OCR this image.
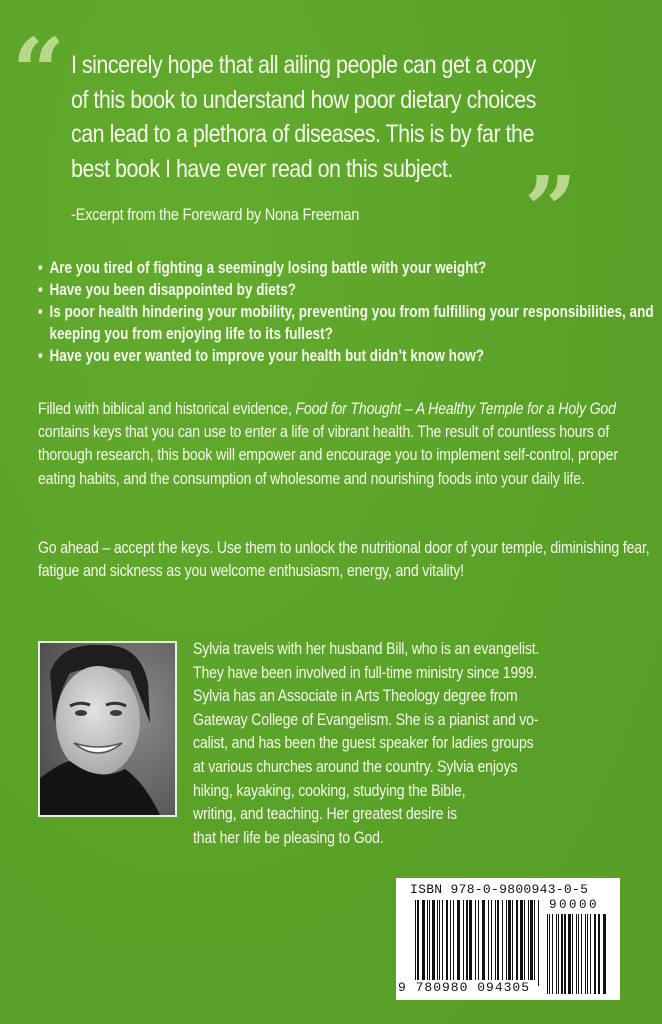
“ I sincerely hope that all ailing people can get a copy
of this book to understand how poor dietary choices
can lead to a plethora of diseases. This is by far the
best book I have ever read on this subject. ”
-Excerpt from the Foreward by Nona Freeman
• Are you tired of fighting a seemingly losing battle with your weight?
• Have you been disappointed by diets?
• Is poor health hindering your mobility, preventing you from fulfilling your responsibilities, and keeping you from enjoying life to its fullest?
• Have you ever wanted to improve your health but didn’t know how?

Filled with biblical and historical evidence, Food for Thought – A Healthy Temple for a Holy God contains keys that you can use to enter a life of vibrant health. The result of countless hours of thorough research, this book will empower and encourage you to implement self-control, proper eating habits, and the consumption of wholesome and nourishing foods into your daily life.

Go ahead – accept the keys. Use them to unlock the nutritional door of your temple, diminishing fear, fatigue and sickness as you welcome enthusiasm, energy, and vitality!

Sylvia travels with her husband Bill, who is an evangelist.
They have been involved in full-time ministry since 1999.
Sylvia has an Associate in Arts Theology degree from
Gateway College of Evangelism. She is a pianist and vo-
calist, and has been the guest speaker for ladies groups
at various churches around the country. Sylvia enjoys
hiking, kayaking, cooking, studying the Bible,
writing, and teaching. Her greatest desire is
that her life be pleasing to God.
ISBN 978-0-9800943-0-5
90000
9 780980 094305
